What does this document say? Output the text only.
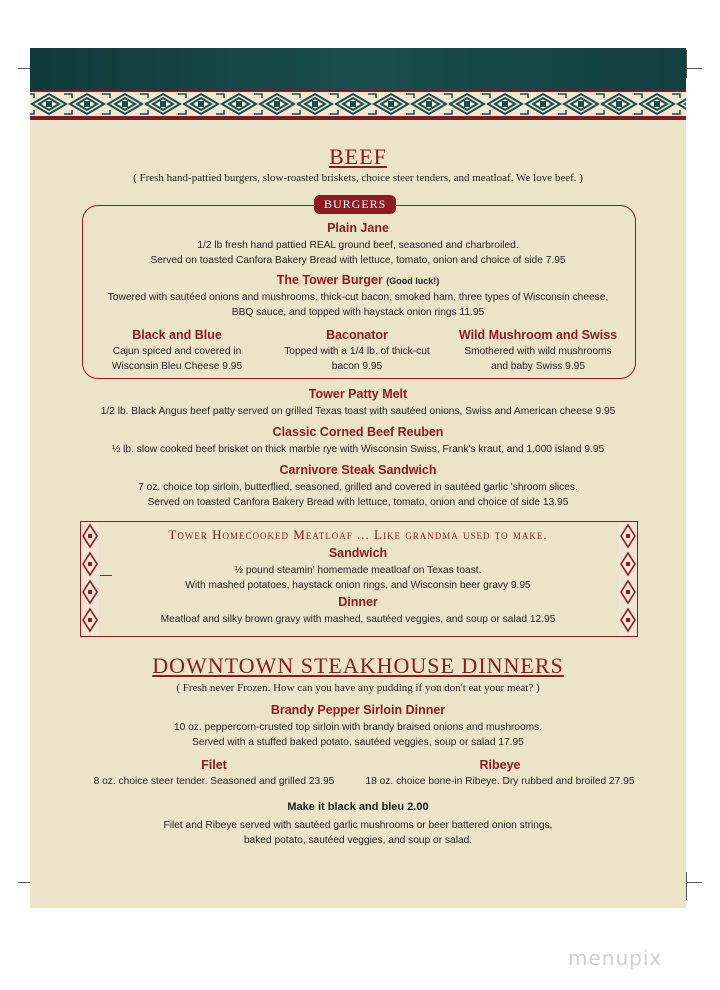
BEEF
( Fresh hand-pattied burgers, slow-roasted briskets, choice steer tenders, and meatloaf. We love beef. )
BURGERS
Plain Jane
1/2 lb fresh hand pattied REAL ground beef, seasoned and charbroiled.
Served on toasted Canfora Bakery Bread with lettuce, tomato, onion and choice of side 7.95
The Tower Burger (Good luck!)
Towered with sautéed onions and mushrooms, thick-cut bacon, smoked ham, three types of Wisconsin cheese,
BBQ sauce, and topped with haystack onion rings 11.95
Black and Blue
Cajun spiced and covered in
Wisconsin Bleu Cheese 9.95
Baconator
Topped with a 1/4 lb. of thick-cut
bacon 9.95
Wild Mushroom and Swiss
Smothered with wild mushrooms
and baby Swiss 9.95
Tower Patty Melt
1/2 lb. Black Angus beef patty served on grilled Texas toast with sautéed onions, Swiss and American cheese 9.95
Classic Corned Beef Reuben
½ lb. slow cooked beef brisket on thick marble rye with Wisconsin Swiss, Frank's kraut, and 1,000 island 9.95
Carnivore Steak Sandwich
7 oz. choice top sirloin, butterflied, seasoned, grilled and covered in sautéed garlic 'shroom slices.
Served on toasted Canfora Bakery Bread with lettuce, tomato, onion and choice of side 13.95
Tower Homecooked Meatloaf ... Like grandma used to make.
Sandwich
½ pound steamin' homemade meatloaf on Texas toast.
With mashed potatoes, haystack onion rings, and Wisconsin beer gravy 9.95
Dinner
Meatloaf and silky brown gravy with mashed, sautéed veggies, and soup or salad 12.95
DOWNTOWN STEAKHOUSE DINNERS
( Fresh never Frozen. How can you have any pudding if you don't eat your meat? )
Brandy Pepper Sirloin Dinner
10 oz. peppercorn-crusted top sirloin with brandy braised onions and mushrooms.
Served with a stuffed baked potato, sautéed veggies, soup or salad 17.95
Filet
8 oz. choice steer tender. Seasoned and grilled 23.95
Ribeye
18 oz. choice bone-in Ribeye. Dry rubbed and broiled 27.95
Make it black and bleu 2.00
Filet and Ribeye served with sautéed garlic mushrooms or beer battered onion strings,
baked potato, sautéed veggies, and soup or salad.
menupix
